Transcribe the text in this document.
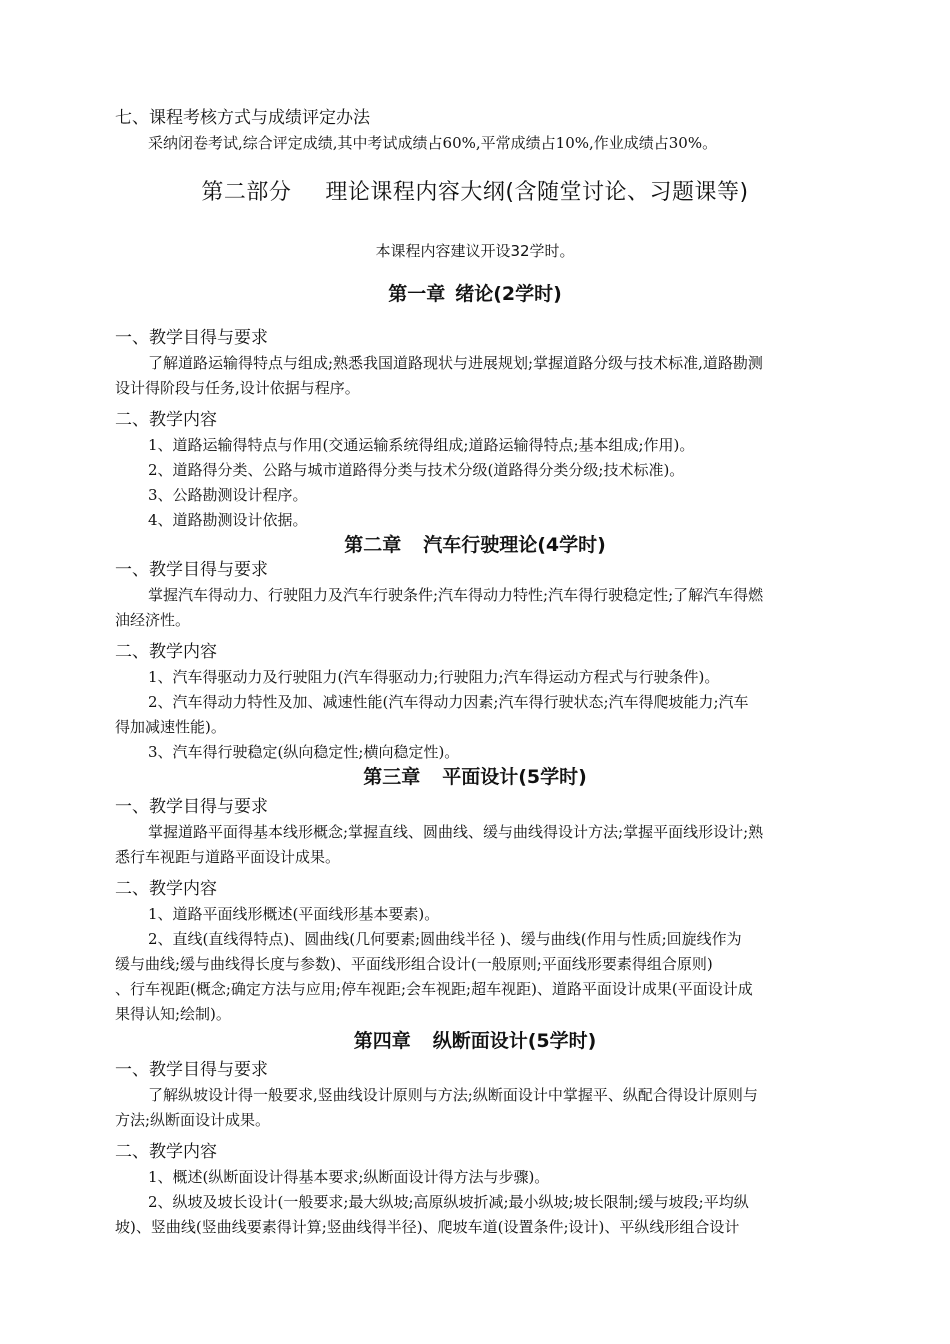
七、课程考核方式与成绩评定办法
采纳闭卷考试,综合评定成绩,其中考试成绩占60%,平常成绩占10%,作业成绩占30%。
第二部分 理论课程内容大纲(含随堂讨论、习题课等)
本课程内容建议开设32学时。
第一章 绪论(2学时)
一、教学目得与要求
了解道路运输得特点与组成;熟悉我国道路现状与进展规划;掌握道路分级与技术标准,道路勘测
设计得阶段与任务,设计依据与程序。
二、教学内容
1、道路运输得特点与作用(交通运输系统得组成;道路运输得特点;基本组成;作用)。
2、道路得分类、公路与城市道路得分类与技术分级(道路得分类分级;技术标准)。
3、公路勘测设计程序。
4、道路勘测设计依据。
第二章 汽车行驶理论(4学时)
一、教学目得与要求
掌握汽车得动力、行驶阻力及汽车行驶条件;汽车得动力特性;汽车得行驶稳定性;了解汽车得燃
油经济性。
二、教学内容
1、汽车得驱动力及行驶阻力(汽车得驱动力;行驶阻力;汽车得运动方程式与行驶条件)。
2、汽车得动力特性及加、减速性能(汽车得动力因素;汽车得行驶状态;汽车得爬坡能力;汽车
得加减速性能)。
3、汽车得行驶稳定(纵向稳定性;横向稳定性)。
第三章 平面设计(5学时)
一、教学目得与要求
掌握道路平面得基本线形概念;掌握直线、圆曲线、缓与曲线得设计方法;掌握平面线形设计;熟
悉行车视距与道路平面设计成果。
二、教学内容
1、道路平面线形概述(平面线形基本要素)。
2、直线(直线得特点)、圆曲线(几何要素;圆曲线半径 )、缓与曲线(作用与性质;回旋线作为
缓与曲线;缓与曲线得长度与参数)、平面线形组合设计(一般原则;平面线形要素得组合原则)
、行车视距(概念;确定方法与应用;停车视距;会车视距;超车视距)、道路平面设计成果(平面设计成
果得认知;绘制)。
第四章 纵断面设计(5学时)
一、教学目得与要求
了解纵坡设计得一般要求,竖曲线设计原则与方法;纵断面设计中掌握平、纵配合得设计原则与
方法;纵断面设计成果。
二、教学内容
1、概述(纵断面设计得基本要求;纵断面设计得方法与步骤)。
2、纵坡及坡长设计(一般要求;最大纵坡;高原纵坡折减;最小纵坡;坡长限制;缓与坡段;平均纵
坡)、竖曲线(竖曲线要素得计算;竖曲线得半径)、爬坡车道(设置条件;设计)、平纵线形组合设计
